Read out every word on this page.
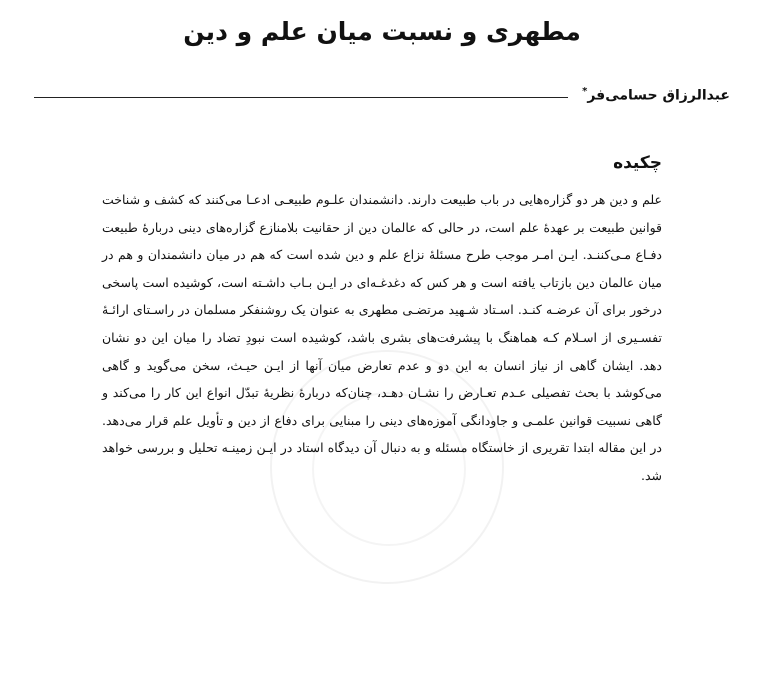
مطهری و نسبت میان علم و دین
عبدالرزاق حسامی‌فر*
چکیده

علم و دین هر دو گزاره‌هایی در باب طبیعت دارند. دانشمندان علـوم طبیعـی ادعـا می‌کنند که کشف و شناخت قوانین طبیعت بر عهدهٔ علم است، در حالی که عالمان دین از حقانیت بلامنازع گزاره‌های دینی دربارهٔ طبیعت دفـاع مـی‌کننـد. ایـن امـر موجب طرح مسئلهٔ نزاع علم و دین شده است که هم در میان دانشمندان و هم در میان عالمان دین بازتاب یافته است و هر کس که دغدغـه‌ای در ایـن بـاب داشـته است، کوشیده است پاسخی درخور برای آن عرضـه کنـد. اسـتاد شـهید مرتضـی مطهری به عنوان یک روشنفکر مسلمان در راسـتای ارائـهٔ تفسـیری از اسـلام کـه هماهنگ با پیشرفت‌های بشری باشد، کوشیده است نبودِ تضاد را میان این دو نشان دهد. ایشان گاهی از نیاز انسان به این دو و عدم تعارض میان آنها از ایـن حیـث، سخن می‌گوید و گاهی می‌کوشد با بحث تفصیلی عـدم تعـارض را نشـان دهـد، چنان‌که دربارهٔ نظریهٔ تبدّل انواع این کار را می‌کند و گاهی نسبیت قوانین علمـی و جاودانگی آموزه‌های دینی را مبنایی برای دفاع از دین و تأویل علم قرار می‌دهد. در این مقاله ابتدا تقریری از خاستگاه مسئله و به دنبال آن دیدگاه استاد در ایـن زمینـه تحلیل و بررسی خواهد شد.
